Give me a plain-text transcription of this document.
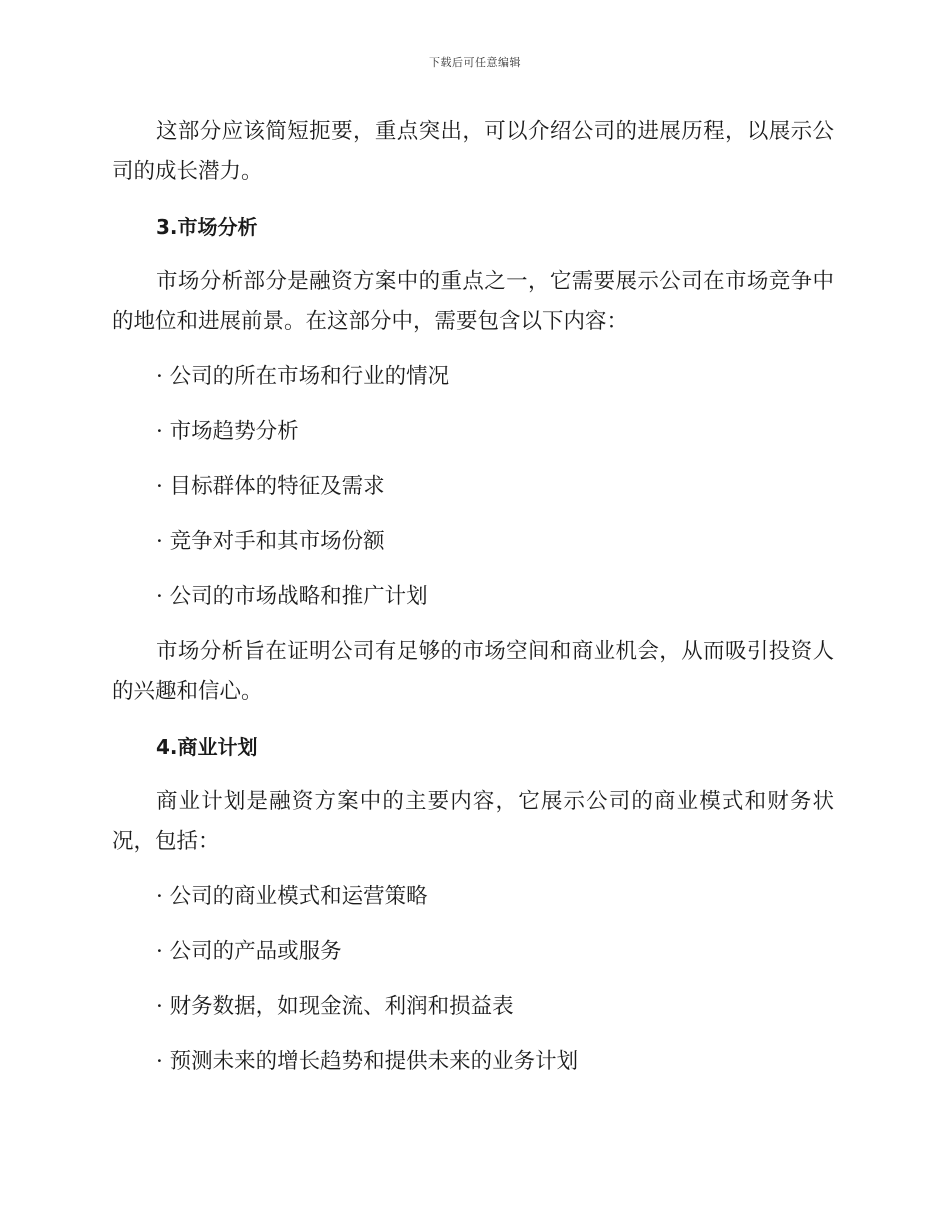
下载后可任意编辑

这部分应该简短扼要，重点突出，可以介绍公司的进展历程，以展示公司的成长潜力。

3.市场分析

市场分析部分是融资方案中的重点之一，它需要展示公司在市场竞争中的地位和进展前景。在这部分中，需要包含以下内容：

· 公司的所在市场和行业的情况
· 市场趋势分析
· 目标群体的特征及需求
· 竞争对手和其市场份额
· 公司的市场战略和推广计划

市场分析旨在证明公司有足够的市场空间和商业机会，从而吸引投资人的兴趣和信心。

4.商业计划

商业计划是融资方案中的主要内容，它展示公司的商业模式和财务状况，包括：

· 公司的商业模式和运营策略
· 公司的产品或服务
· 财务数据，如现金流、利润和损益表
· 预测未来的增长趋势和提供未来的业务计划
